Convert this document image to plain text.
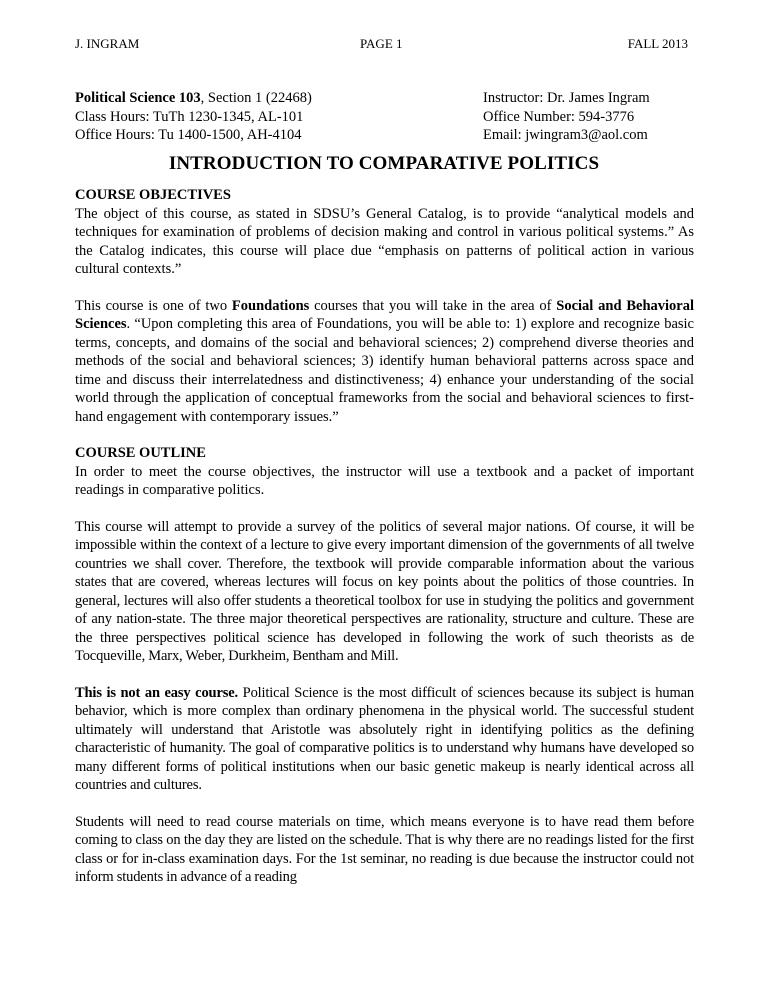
J. INGRAM	PAGE 1	FALL 2013
Political Science 103, Section 1 (22468)
Class Hours: TuTh 1230-1345, AL-101
Office Hours: Tu 1400-1500, AH-4104
Instructor: Dr. James Ingram
Office Number: 594-3776
Email: jwingram3@aol.com
INTRODUCTION TO COMPARATIVE POLITICS

COURSE OBJECTIVES

The object of this course, as stated in SDSU’s General Catalog, is to provide “analytical models and techniques for examination of problems of decision making and control in various political systems.” As the Catalog indicates, this course will place due “emphasis on patterns of political action in various cultural contexts.”

This course is one of two Foundations courses that you will take in the area of Social and Behavioral Sciences. “Upon completing this area of Foundations, you will be able to: 1) explore and recognize basic terms, concepts, and domains of the social and behavioral sciences; 2) comprehend diverse theories and methods of the social and behavioral sciences; 3) identify human behavioral patterns across space and time and discuss their interrelatedness and distinctiveness; 4) enhance your understanding of the social world through the application of conceptual frameworks from the social and behavioral sciences to first-hand engagement with contemporary issues.”

COURSE OUTLINE

In order to meet the course objectives, the instructor will use a textbook and a packet of important readings in comparative politics.

This course will attempt to provide a survey of the politics of several major nations. Of course, it will be impossible within the context of a lecture to give every important dimension of the governments of all twelve countries we shall cover. Therefore, the textbook will provide comparable information about the various states that are covered, whereas lectures will focus on key points about the politics of those countries. In general, lectures will also offer students a theoretical toolbox for use in studying the politics and government of any nation-state. The three major theoretical perspectives are rationality, structure and culture. These are the three perspectives political science has developed in following the work of such theorists as de Tocqueville, Marx, Weber, Durkheim, Bentham and Mill.

This is not an easy course. Political Science is the most difficult of sciences because its subject is human behavior, which is more complex than ordinary phenomena in the physical world. The successful student ultimately will understand that Aristotle was absolutely right in identifying politics as the defining characteristic of humanity. The goal of comparative politics is to understand why humans have developed so many different forms of political institutions when our basic genetic makeup is nearly identical across all countries and cultures.

Students will need to read course materials on time, which means everyone is to have read them before coming to class on the day they are listed on the schedule. That is why there are no readings listed for the first class or for in-class examination days. For the 1st seminar, no reading is due because the instructor could not inform students in advance of a reading
